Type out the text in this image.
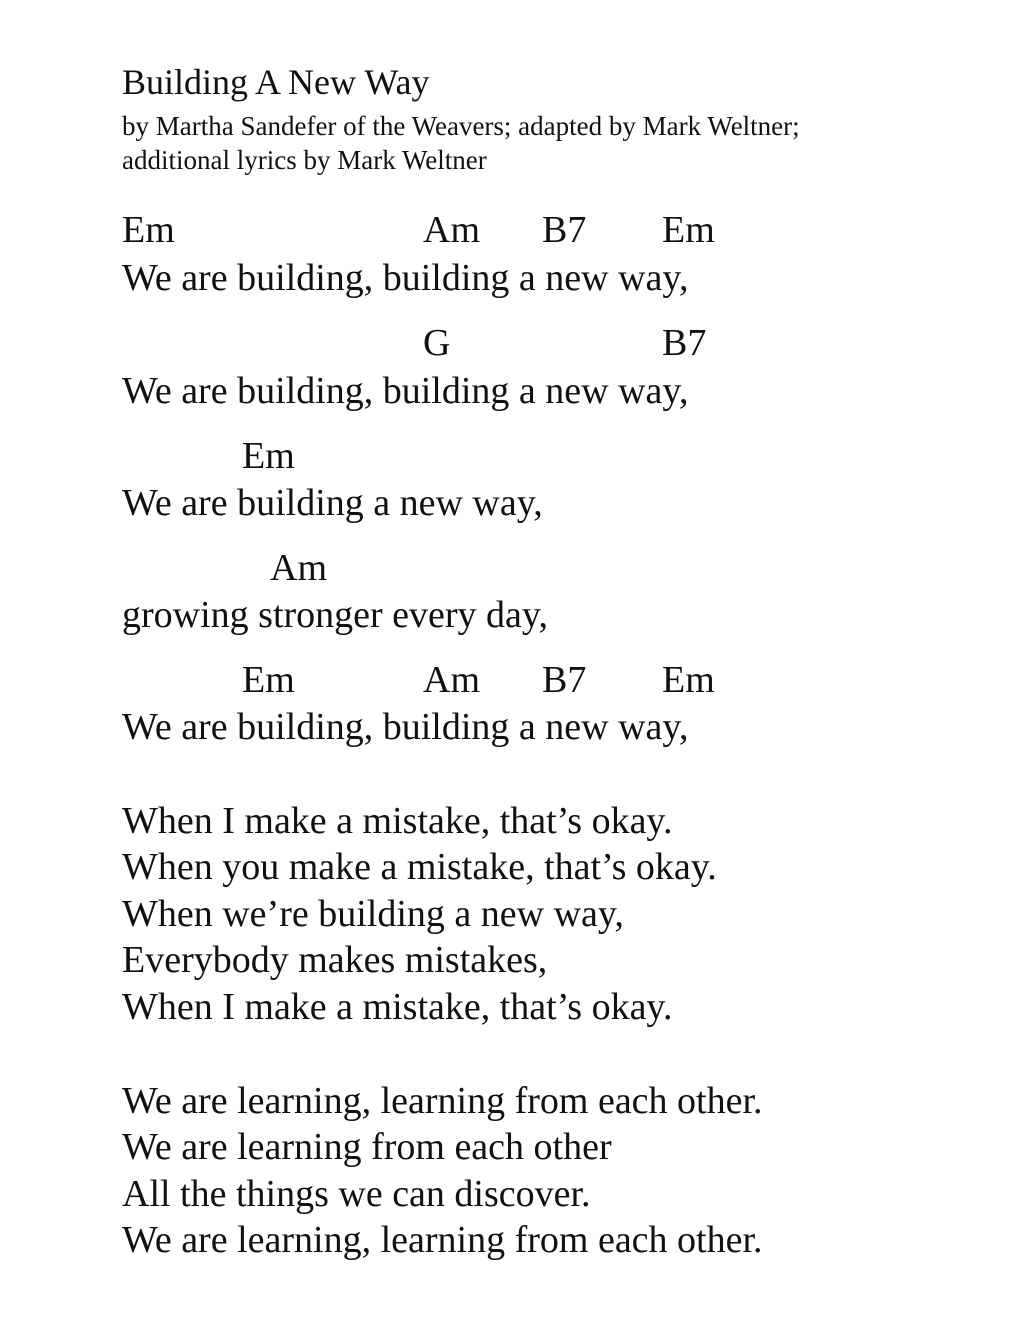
Building A New Way
by Martha Sandefer of the Weavers; adapted by Mark Weltner;
additional lyrics by Mark Weltner
Em	Am B7 Em
We are building, building a new way,
G	B7
We are building, building a new way,
Em
We are building a new way,
Am
growing stronger every day,
Em	Am B7 Em
We are building, building a new way,
When I make a mistake, that’s okay.
When you make a mistake, that’s okay.
When we’re building a new way,
Everybody makes mistakes,
When I make a mistake, that’s okay.
We are learning, learning from each other.
We are learning from each other
All the things we can discover.
We are learning, learning from each other.
